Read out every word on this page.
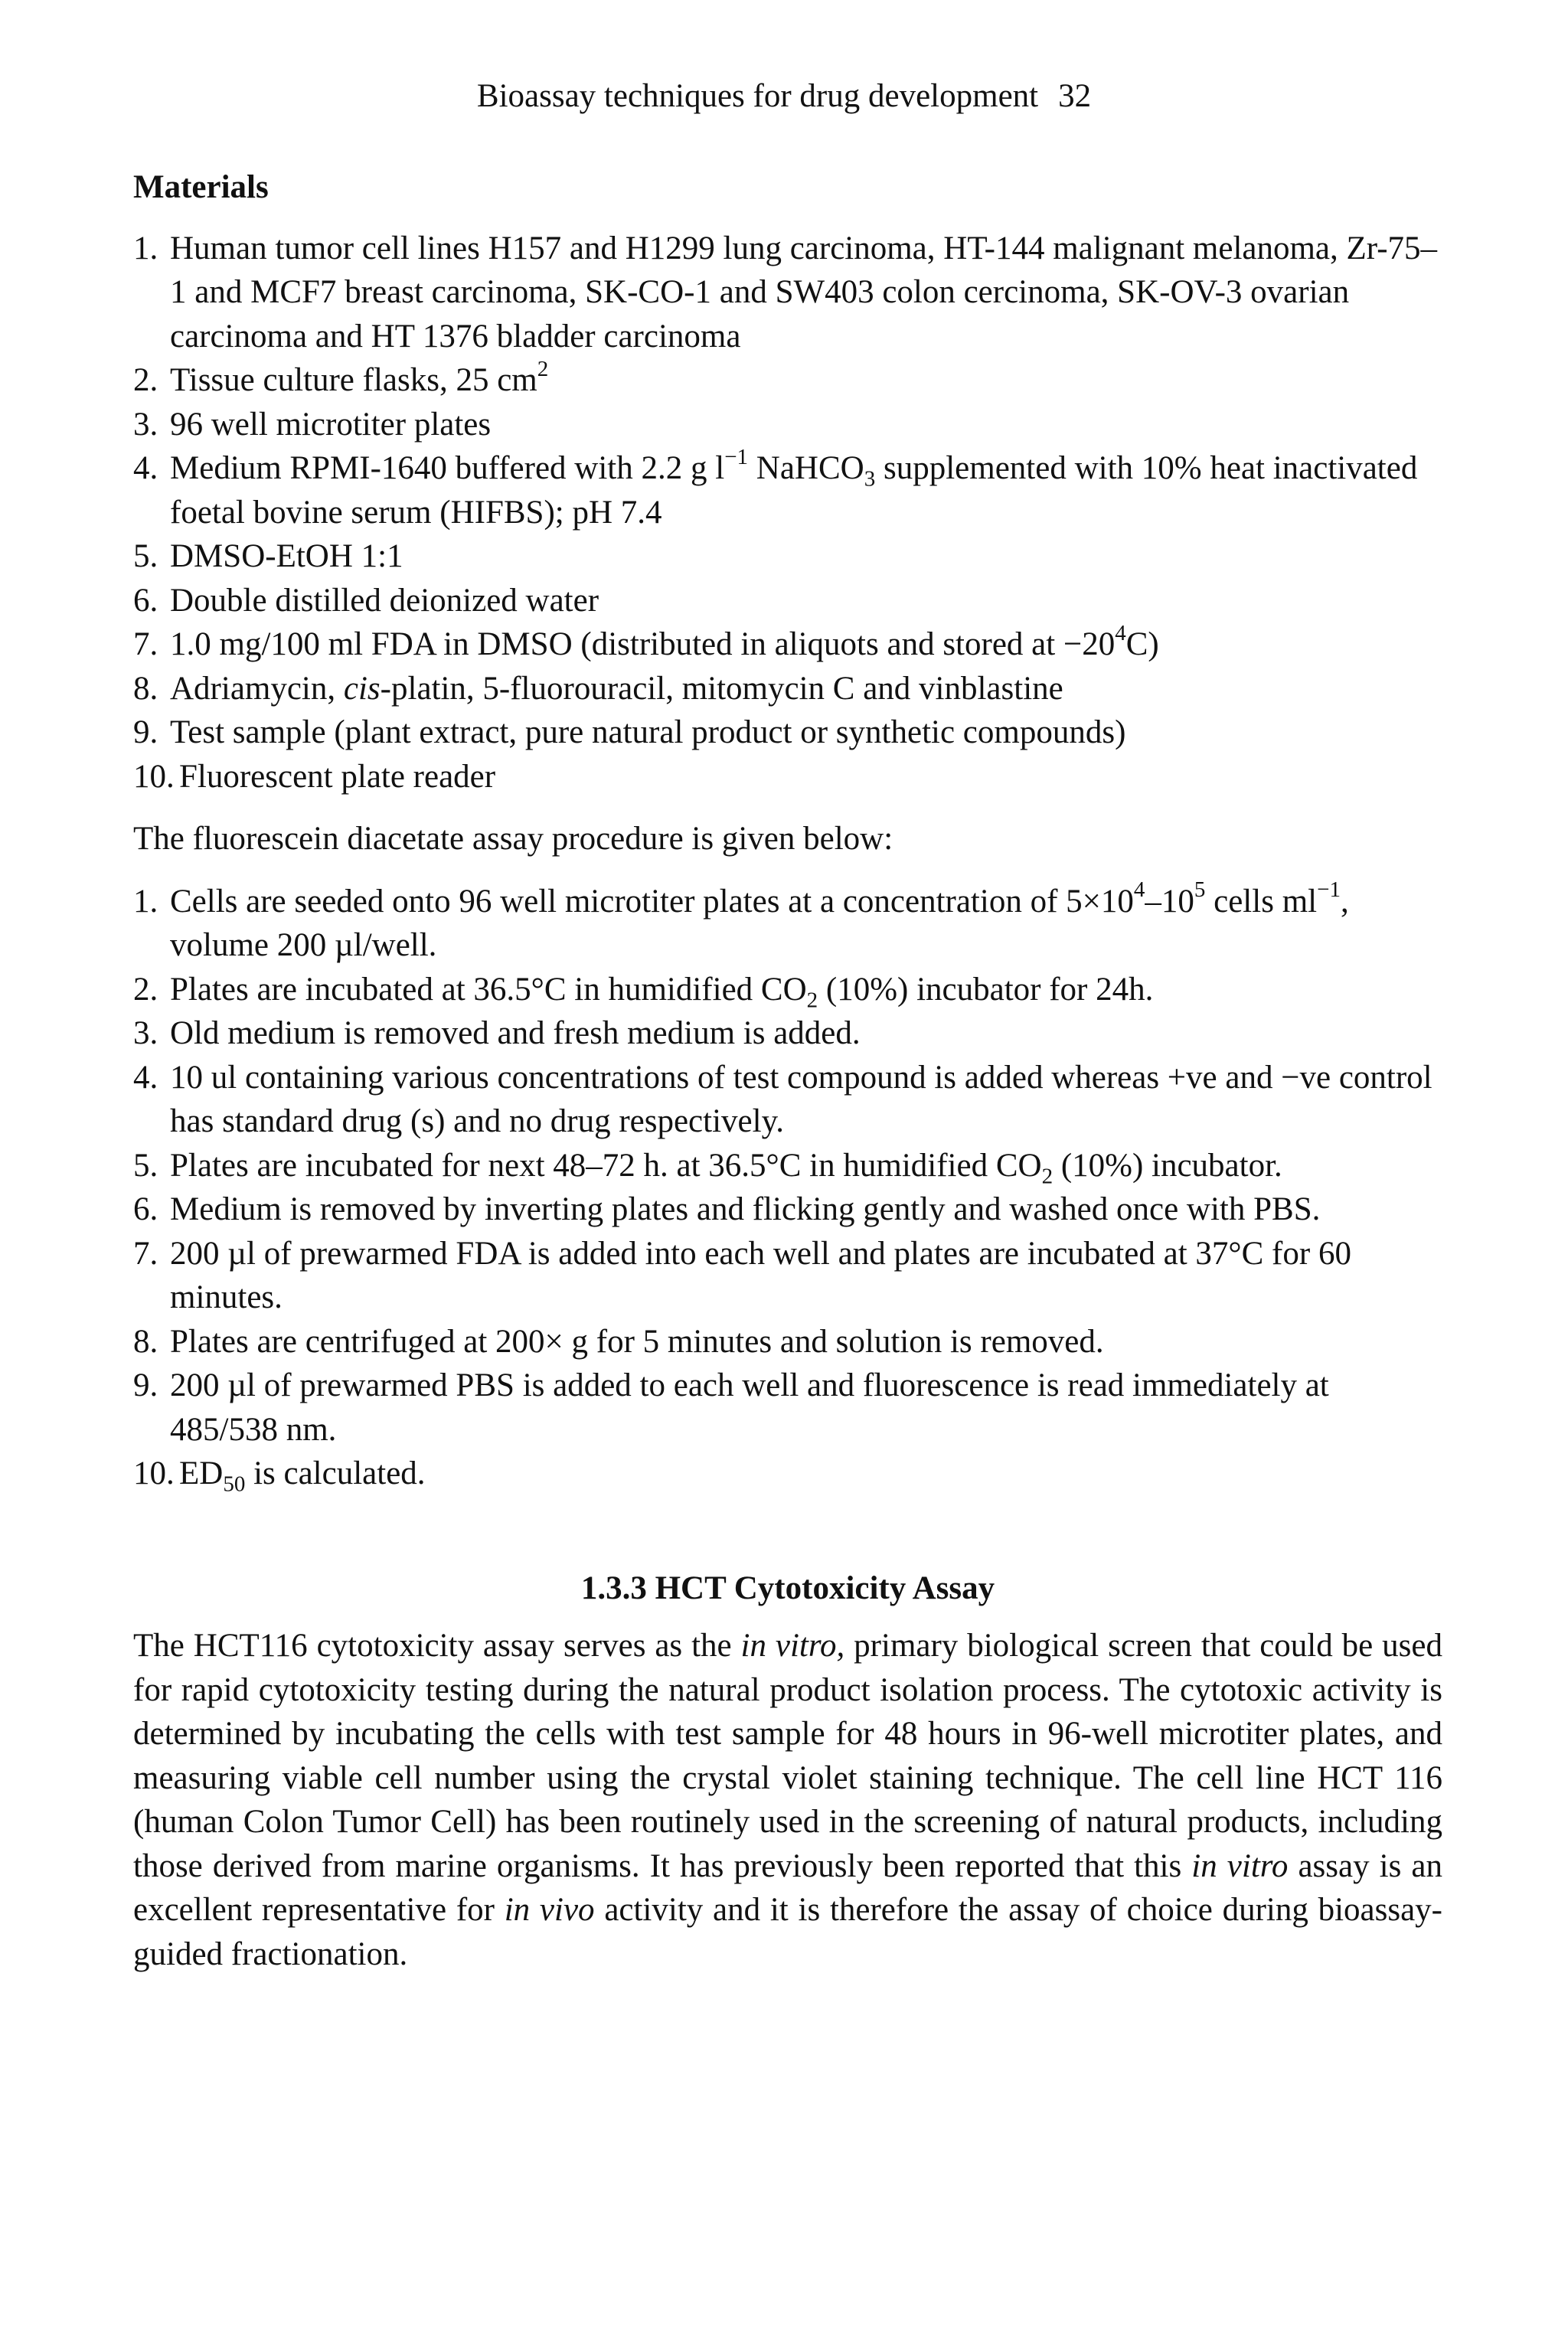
Bioassay techniques for drug development 32
Materials
1. Human tumor cell lines H157 and H1299 lung carcinoma, HT-144 malignant melanoma, Zr-75–1 and MCF7 breast carcinoma, SK-CO-1 and SW403 colon cercinoma, SK-OV-3 ovarian carcinoma and HT 1376 bladder carcinoma
2. Tissue culture flasks, 25 $cm^2$
3. 96 well microtiter plates
4. Medium RPMI-1640 buffered with 2.2 g $l^{-1}$ NaHCO$_3$ supplemented with 10% heat inactivated foetal bovine serum (HIFBS); pH 7.4
5. DMSO-EtOH 1:1
6. Double distilled deionized water
7. 1.0 mg/100 ml FDA in DMSO (distributed in aliquots and stored at $-20^4C$)
8. Adriamycin, cis-platin, 5-fluorouracil, mitomycin C and vinblastine
9. Test sample (plant extract, pure natural product or synthetic compounds)
10. Fluorescent plate reader
The fluorescein diacetate assay procedure is given below:
1. Cells are seeded onto 96 well microtiter plates at a concentration of $5\times 10^4-10^5$ cells $ml^{-1}$, volume 200 µl/well.
2. Plates are incubated at 36.5°C in humidified $CO_2$ (10%) incubator for 24h.
3. Old medium is removed and fresh medium is added.
4. 10 ul containing various concentrations of test compound is added whereas +ve and −ve control has standard drug (s) and no drug respectively.
5. Plates are incubated for next 48–72 h. at 36.5°C in humidified $CO_2$ (10%) incubator.
6. Medium is removed by inverting plates and flicking gently and washed once with PBS.
7. 200 µl of prewarmed FDA is added into each well and plates are incubated at 37°C for 60 minutes.
8. Plates are centrifuged at 200× g for 5 minutes and solution is removed.
9. 200 µl of prewarmed PBS is added to each well and fluorescence is read immediately at 485/538 nm.
10. $ED_{50}$ is calculated.
1.3.3 HCT Cytotoxicity Assay
The HCT116 cytotoxicity assay serves as the in vitro, primary biological screen that could be used for rapid cytotoxicity testing during the natural product isolation process. The cytotoxic activity is determined by incubating the cells with test sample for 48 hours in 96-well microtiter plates, and measuring viable cell number using the crystal violet staining technique. The cell line HCT 116 (human Colon Tumor Cell) has been routinely used in the screening of natural products, including those derived from marine organisms. It has previously been reported that this in vitro assay is an excellent representative for in vivo activity and it is therefore the assay of choice during bioassay-guided fractionation.
